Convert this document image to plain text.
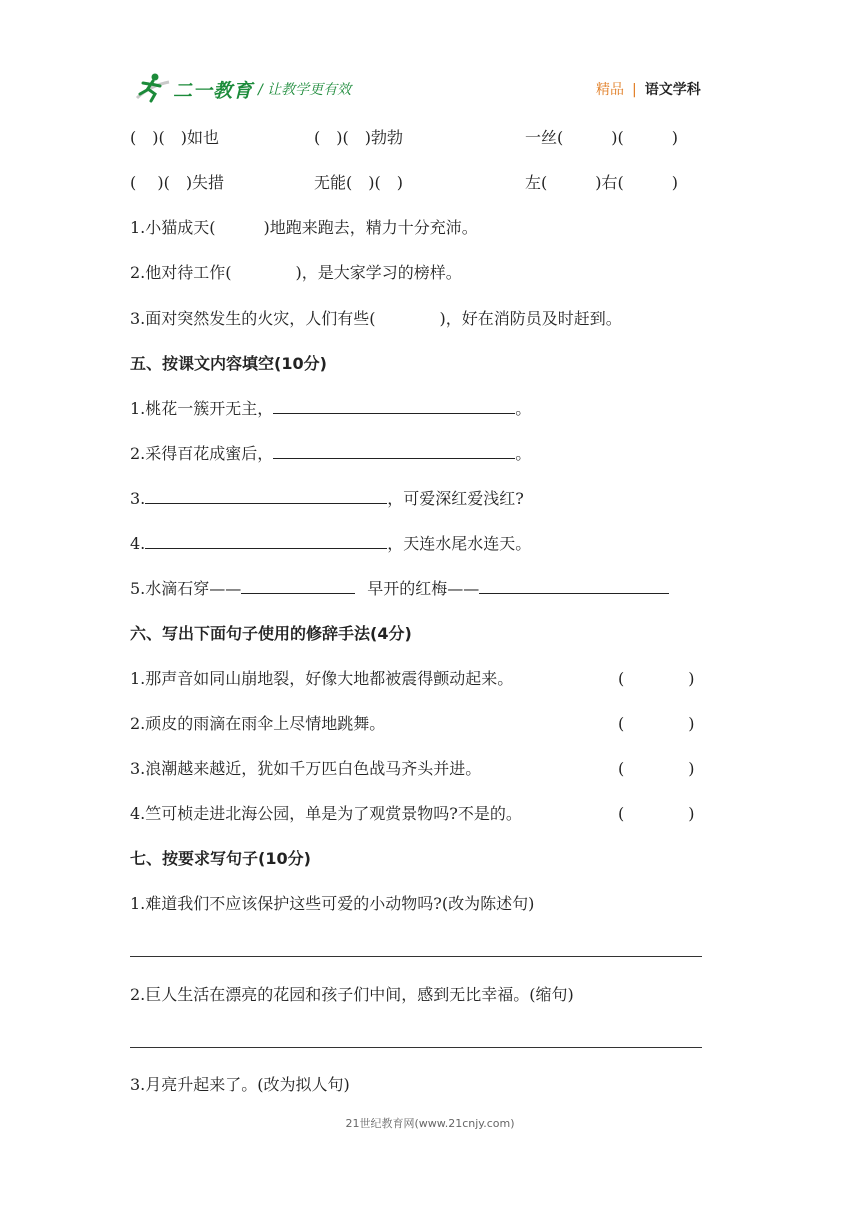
二一教育 / 让教学更有效	精品 | 语文学科
(　)(　)如也	(　)(　)勃勃	一丝(　　　)(　　　)
(　 )(　)失措	无能(　)(　)	左(　　　)右(　　　)
1.小猫成天(　　　)地跑来跑去，精力十分充沛。
2.他对待工作(　　　　)，是大家学习的榜样。
3.面对突然发生的火灾，人们有些(　　　　)，好在消防员及时赶到。
五、按课文内容填空(10分)
1.桃花一簇开无主，	。
2.采得百花成蜜后，	。
3.	，可爱深红爱浅红?
4.	，天连水尾水连天。
5.水滴石穿——	早开的红梅——
六、写出下面句子使用的修辞手法(4分)
1.那声音如同山崩地裂，好像大地都被震得颤动起来。	(　　　　)
2.顽皮的雨滴在雨伞上尽情地跳舞。	(　　　　)
3.浪潮越来越近，犹如千万匹白色战马齐头并进。	(　　　　)
4.竺可桢走进北海公园，单是为了观赏景物吗?不是的。	(　　　　)
七、按要求写句子(10分)
1.难道我们不应该保护这些可爱的小动物吗?(改为陈述句)
2.巨人生活在漂亮的花园和孩子们中间，感到无比幸福。(缩句)
3.月亮升起来了。(改为拟人句)
21世纪教育网(www.21cnjy.com)
